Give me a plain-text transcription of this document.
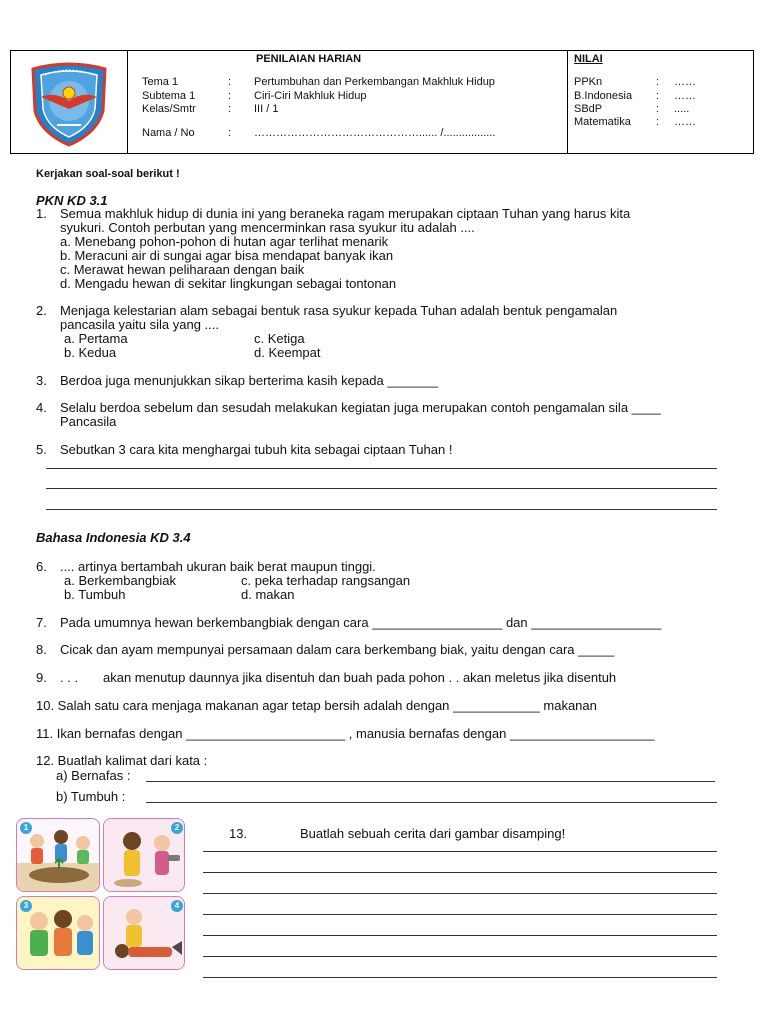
PENILAIAN HARIAN
Tema 1	: Pertumbuhan dan Perkembangan Makhluk Hidup
Subtema 1	: Ciri-Ciri Makhluk Hidup
Kelas/Smtr	: III / 1
Nama / No	: ………………………………………...... /.................
NILAI
PPKn	: ……
B.Indonesia : ……
SBdP	: .....
Matematika : ……
Kerjakan soal-soal berikut !
PKN KD 3.1
1. Semua makhluk hidup di dunia ini yang beraneka ragam merupakan ciptaan Tuhan yang harus kita
syukuri. Contoh perbutan yang mencerminkan rasa syukur itu adalah ....
a. Menebang pohon-pohon di hutan agar terlihat menarik
b. Meracuni air di sungai agar bisa mendapat banyak ikan
c. Merawat hewan peliharaan dengan baik
d. Mengadu hewan di sekitar lingkungan sebagai tontonan
2. Menjaga kelestarian alam sebagai bentuk rasa syukur kepada Tuhan adalah bentuk pengamalan
pancasila yaitu sila yang ....
a. Pertama
b. Kedua
c. Ketiga
d. Keempat
3. Berdoa juga menunjukkan sikap berterima kasih kepada _______
4. Selalu berdoa sebelum dan sesudah melakukan kegiatan juga merupakan contoh pengamalan sila ____
Pancasila
5. Sebutkan 3 cara kita menghargai tubuh kita sebagai ciptaan Tuhan !
Bahasa Indonesia KD 3.4
6. .... artinya bertambah ukuran baik berat maupun tinggi.
a. Berkembangbiak
b. Tumbuh
c. peka terhadap rangsangan
d. makan
7. Pada umumnya hewan berkembangbiak dengan cara __________________ dan __________________
8. Cicak dan ayam mempunyai persamaan dalam cara berkembang biak, yaitu dengan cara _____
9. . . . akan menutup daunnya jika disentuh dan buah pada pohon . . akan meletus jika disentuh
10. Salah satu cara menjaga makanan agar tetap bersih adalah dengan ____________ makanan
11. Ikan bernafas dengan ______________________ , manusia bernafas dengan ____________________
12. Buatlah kalimat dari kata :
a) Bernafas :
b) Tumbuh :
1	2
3	4
13.	Buatlah sebuah cerita dari gambar disamping!
